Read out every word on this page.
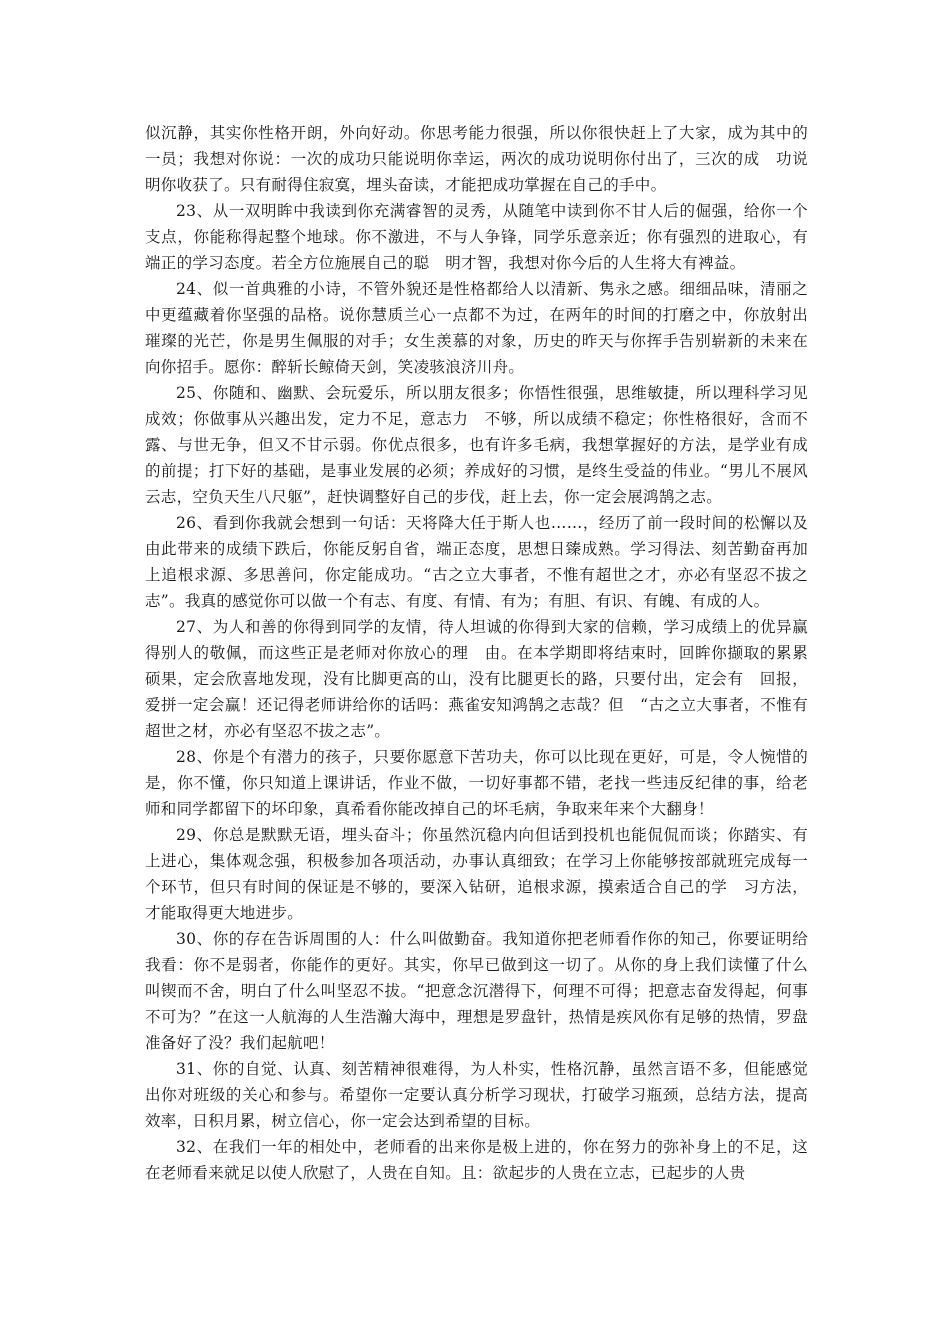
似沉静，其实你性格开朗，外向好动。你思考能力很强，所以你很快赶上了大家，成为其中的一员；我想对你说：一次的成功只能说明你幸运，两次的成功说明你付出了，三次的成　功说明你收获了。只有耐得住寂寞，埋头奋读，才能把成功掌握在自己的手中。

23、从一双明眸中我读到你充满睿智的灵秀，从随笔中读到你不甘人后的倔强，给你一个支点，你能称得起整个地球。你不激进，不与人争锋，同学乐意亲近；你有强烈的进取心，有端正的学习态度。若全方位施展自己的聪　明才智，我想对你今后的人生将大有裨益。

24、似一首典雅的小诗，不管外貌还是性格都给人以清新、隽永之感。细细品味，清丽之中更蕴藏着你坚强的品格。说你慧质兰心一点都不为过，在两年的时间的打磨之中，你放射出璀璨的光芒，你是男生佩服的对手；女生羡慕的对象，历史的昨天与你挥手告别崭新的未来在向你招手。愿你：醉斩长鲸倚天剑，笑凌骇浪济川舟。

25、你随和、幽默、会玩爱乐，所以朋友很多；你悟性很强，思维敏捷，所以理科学习见成效；你做事从兴趣出发，定力不足，意志力　不够，所以成绩不稳定；你性格很好，含而不露、与世无争，但又不甘示弱。你优点很多，也有许多毛病，我想掌握好的方法，是学业有成的前提；打下好的基础，是事业发展的必须；养成好的习惯，是终生受益的伟业。“男儿不展风云志，空负天生八尺躯”，赶快调整好自己的步伐，赶上去，你一定会展鸿鹄之志。

26、看到你我就会想到一句话：天将降大任于斯人也……，经历了前一段时间的松懈以及由此带来的成绩下跌后，你能反躬自省，端正态度，思想日臻成熟。学习得法、刻苦勤奋再加上追根求源、多思善问，你定能成功。“古之立大事者，不惟有超世之才，亦必有坚忍不拔之志”。我真的感觉你可以做一个有志、有度、有情、有为；有胆、有识、有魄、有成的人。

27、为人和善的你得到同学的友情，待人坦诚的你得到大家的信赖，学习成绩上的优异赢得别人的敬佩，而这些正是老师对你放心的理　由。在本学期即将结束时，回眸你撷取的累累硕果，定会欣喜地发现，没有比脚更高的山，没有比腿更长的路，只要付出，定会有　回报，爱拼一定会赢！还记得老师讲给你的话吗：燕雀安知鸿鹄之志哉？但　“古之立大事者，不惟有超世之材，亦必有坚忍不拔之志”。

28、你是个有潜力的孩子，只要你愿意下苦功夫，你可以比现在更好，可是，令人惋惜的是，你不懂，你只知道上课讲话，作业不做，一切好事都不错，老找一些违反纪律的事，给老师和同学都留下的坏印象，真希看你能改掉自己的坏毛病，争取来年来个大翻身！

29、你总是默默无语，埋头奋斗；你虽然沉稳内向但话到投机也能侃侃而谈；你踏实、有上进心，集体观念强，积极参加各项活动，办事认真细致；在学习上你能够按部就班完成每一个环节，但只有时间的保证是不够的，要深入钻研，追根求源，摸索适合自己的学　习方法，才能取得更大地进步。

30、你的存在告诉周围的人：什么叫做勤奋。我知道你把老师看作你的知己，你要证明给我看：你不是弱者，你能作的更好。其实，你早已做到这一切了。从你的身上我们读懂了什么叫锲而不舍，明白了什么叫坚忍不拔。“把意念沉潜得下，何理不可得；把意志奋发得起，何事不可为？”在这一人航海的人生浩瀚大海中，理想是罗盘针，热情是疾风你有足够的热情，罗盘准备好了没？我们起航吧！

31、你的自觉、认真、刻苦精神很难得，为人朴实，性格沉静，虽然言语不多，但能感觉出你对班级的关心和参与。希望你一定要认真分析学习现状，打破学习瓶颈，总结方法，提高效率，日积月累，树立信心，你一定会达到希望的目标。

32、在我们一年的相处中，老师看的出来你是极上进的，你在努力的弥补身上的不足，这在老师看来就足以使人欣慰了，人贵在自知。且：欲起步的人贵在立志，已起步的人贵
